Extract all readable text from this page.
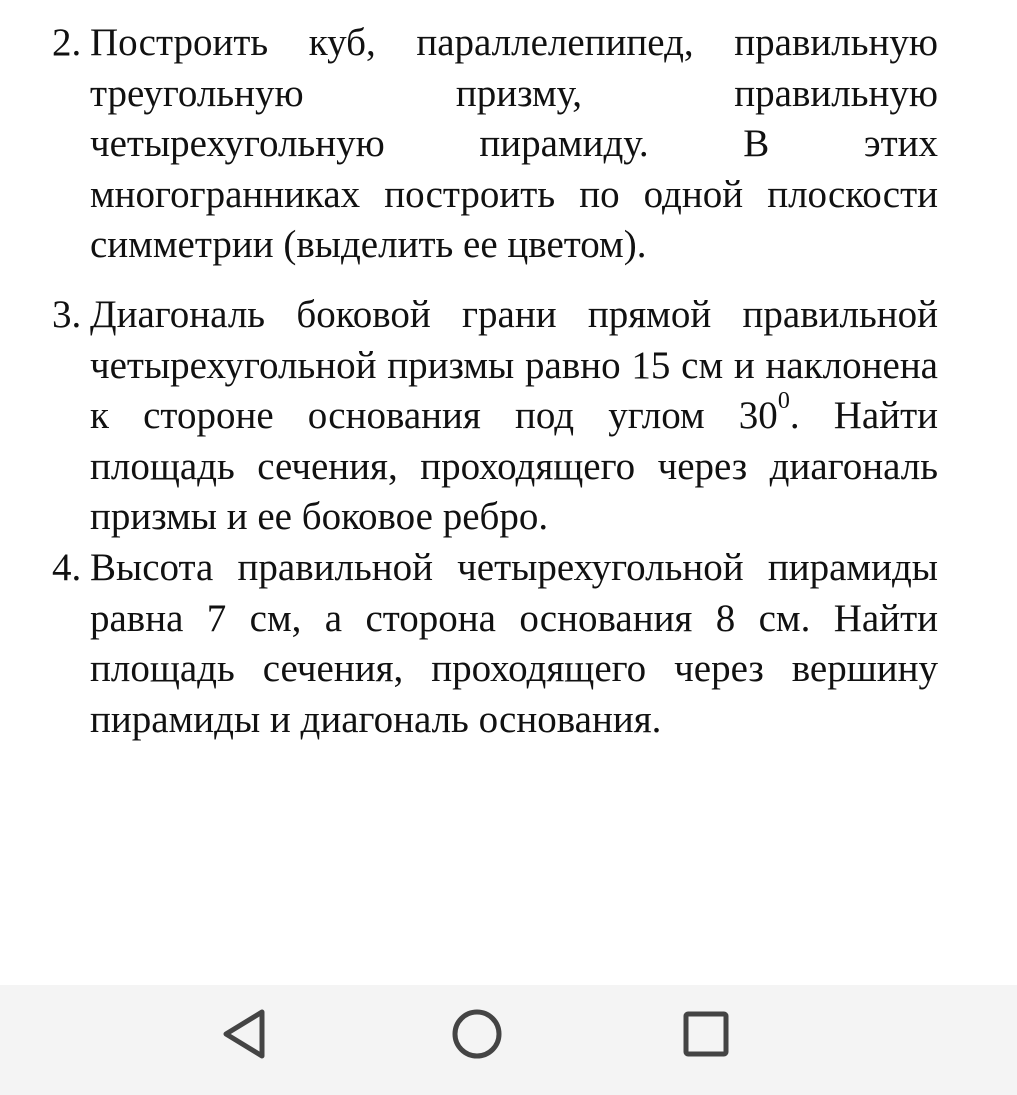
2. Построить куб, параллелепипед, правильную треугольную призму, правильную четырехугольную пирамиду. В этих многогранниках построить по одной плоскости симметрии (выделить ее цветом).

3. Диагональ боковой грани прямой правильной четырехугольной призмы равно 15 см и наклонена к стороне основания под углом $30^0$. Найти площадь сечения, проходящего через диагональ призмы и ее боковое ребро.

4. Высота правильной четырехугольной пирамиды равна 7 см, а сторона основания 8 см. Найти площадь сечения, проходящего через вершину пирамиды и диагональ основания.
